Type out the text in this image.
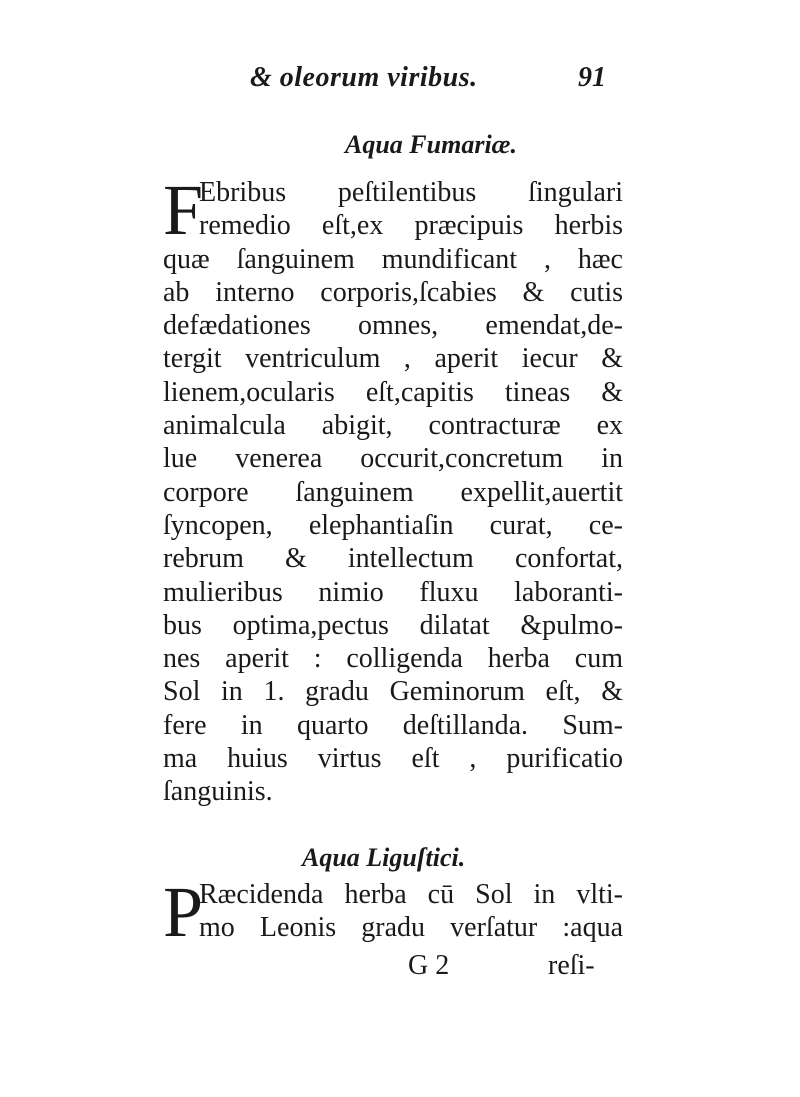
& oleorum viribus.	91
Aqua Fumariæ.
F
Ebribus peſtilentibus ſingulari
remedio eſt,ex præcipuis herbis
quæ ſanguinem mundificant , hæc
ab interno corporis,ſcabies & cutis
defædationes omnes, emendat,de-
tergit ventriculum , aperit iecur &
lienem,ocularis eſt,capitis tineas &
animalcula abigit, contracturæ ex
lue venerea occurit,concretum in
corpore ſanguinem expellit,auertit
ſyncopen, elephantiaſin curat, ce-
rebrum & intellectum confortat,
mulieribus nimio fluxu laboranti-
bus optima,pectus dilatat &pulmo-
nes aperit : colligenda herba cum
Sol in 1. gradu Geminorum eſt, &
fere in quarto deſtillanda. Sum-
ma huius virtus eſt , purificatio
ſanguinis.
Aqua Liguſtici.
P
Ræcidenda herba cū Sol in vlti-
mo Leonis gradu verſatur :aqua
G 2	reſi-
